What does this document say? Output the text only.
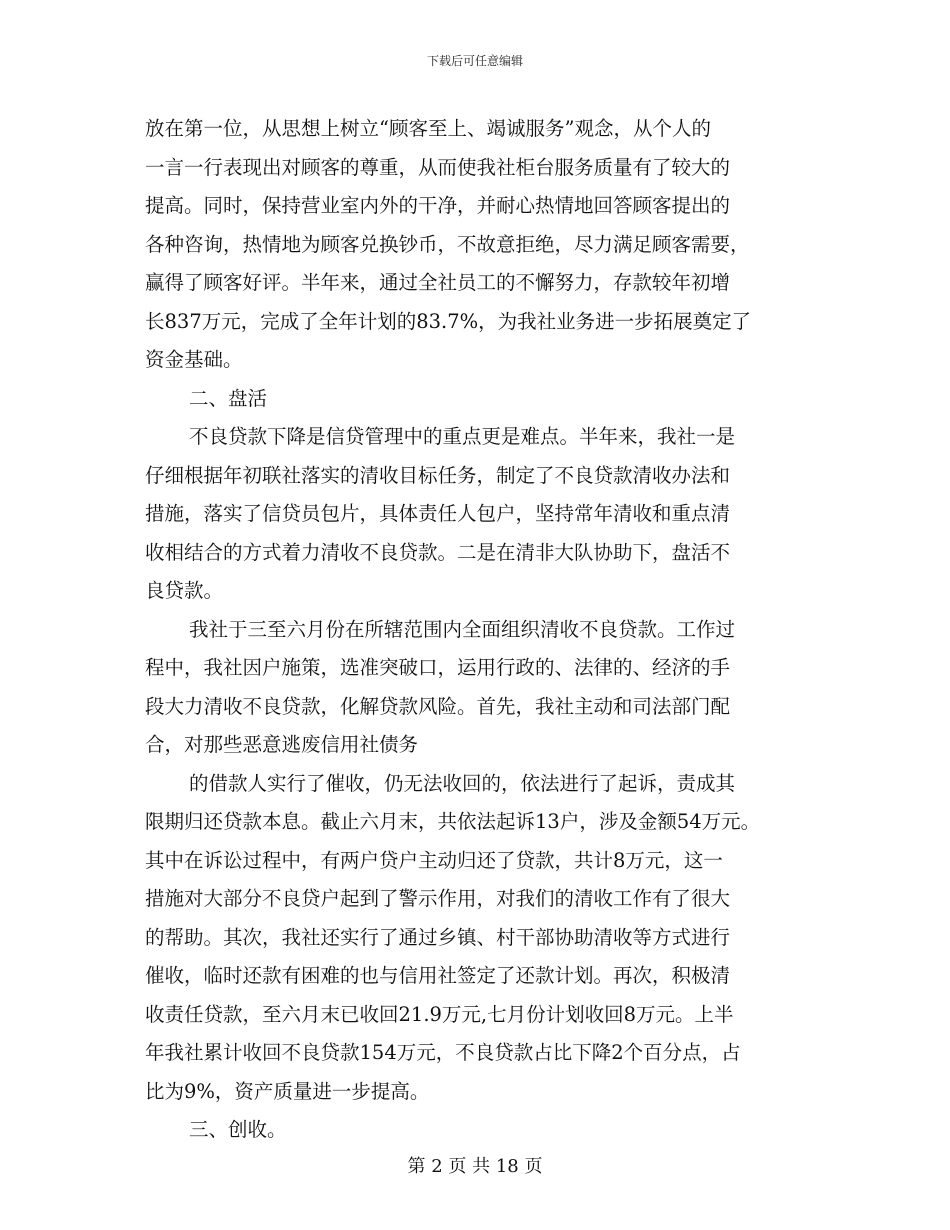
下载后可任意编辑
放在第一位，从思想上树立“顾客至上、竭诚服务”观念，从个人的
一言一行表现出对顾客的尊重，从而使我社柜台服务质量有了较大的
提高。同时，保持营业室内外的干净，并耐心热情地回答顾客提出的
各种咨询，热情地为顾客兑换钞币，不故意拒绝，尽力满足顾客需要，
赢得了顾客好评。半年来，通过全社员工的不懈努力，存款较年初增
长837万元，完成了全年计划的83.7%，为我社业务进一步拓展奠定了
资金基础。
二、盘活
不良贷款下降是信贷管理中的重点更是难点。半年来，我社一是
仔细根据年初联社落实的清收目标任务，制定了不良贷款清收办法和
措施，落实了信贷员包片，具体责任人包户，坚持常年清收和重点清
收相结合的方式着力清收不良贷款。二是在清非大队协助下，盘活不
良贷款。
我社于三至六月份在所辖范围内全面组织清收不良贷款。工作过
程中，我社因户施策，选准突破口，运用行政的、法律的、经济的手
段大力清收不良贷款，化解贷款风险。首先，我社主动和司法部门配
合，对那些恶意逃废信用社债务
的借款人实行了催收，仍无法收回的，依法进行了起诉，责成其
限期归还贷款本息。截止六月末，共依法起诉13户，涉及金额54万元。
其中在诉讼过程中，有两户贷户主动归还了贷款，共计8万元，这一
措施对大部分不良贷户起到了警示作用，对我们的清收工作有了很大
的帮助。其次，我社还实行了通过乡镇、村干部协助清收等方式进行
催收，临时还款有困难的也与信用社签定了还款计划。再次，积极清
收责任贷款，至六月末已收回21.9万元,七月份计划收回8万元。上半
年我社累计收回不良贷款154万元，不良贷款占比下降2个百分点，占
比为9%，资产质量进一步提高。
三、创收。
第 2 页 共 18 页
